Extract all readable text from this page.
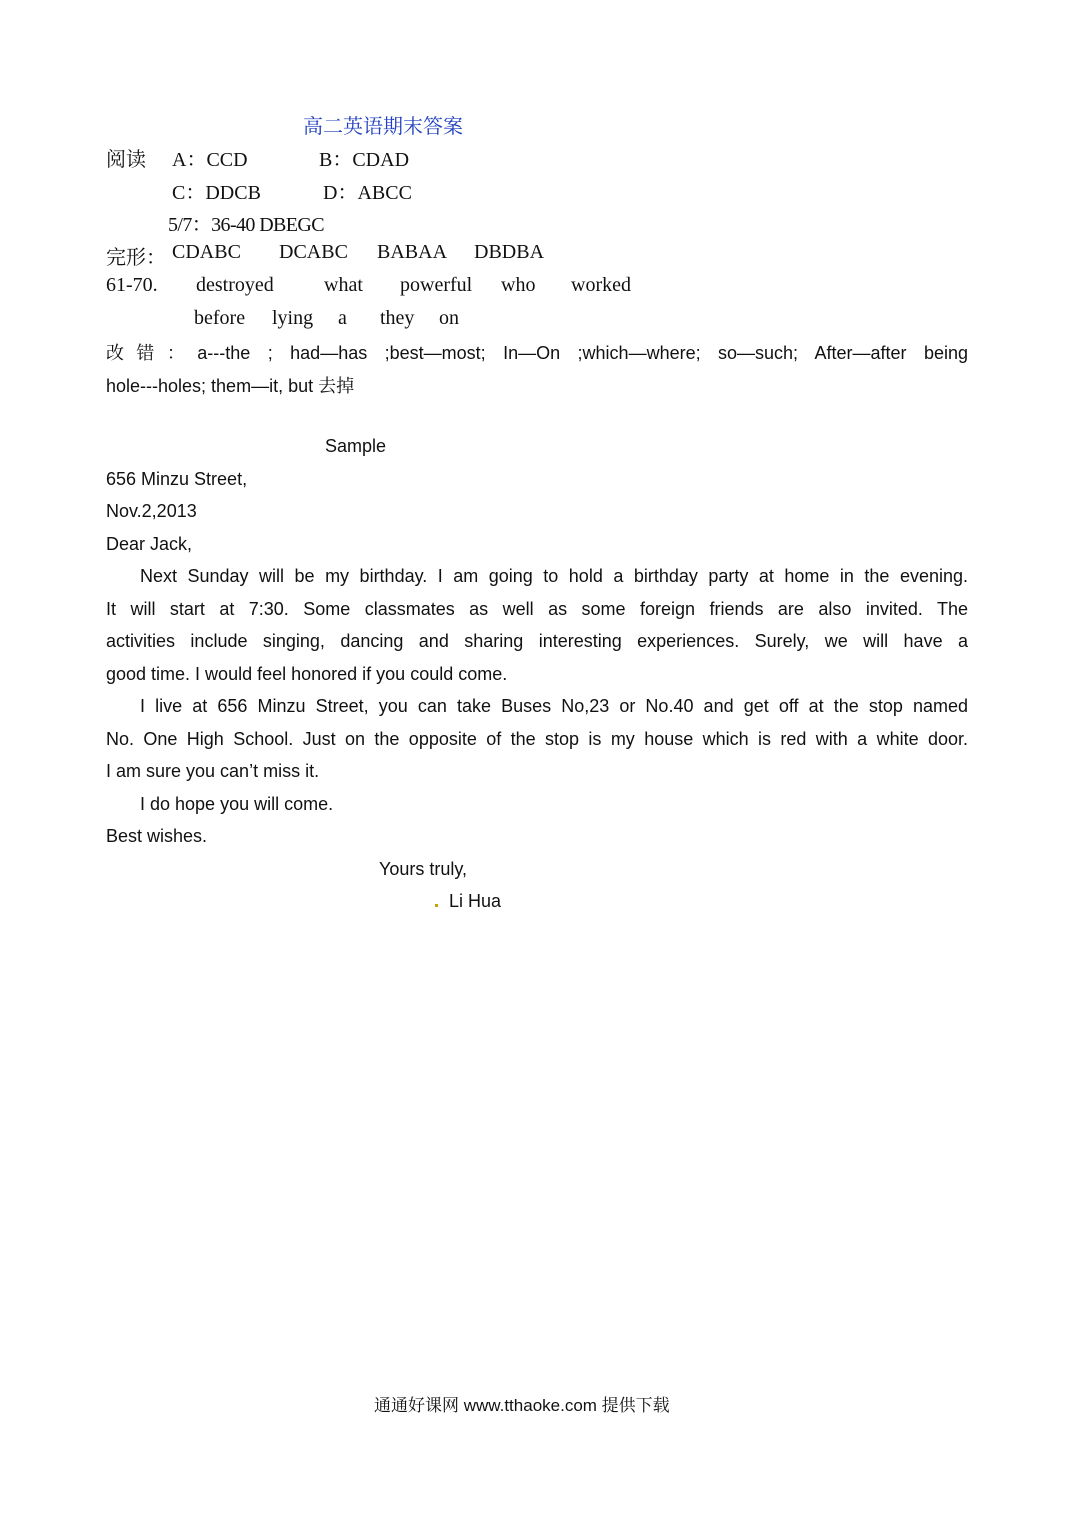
高二英语期末答案
阅读 A：CCD	B：CDAD
C：DDCB	D：ABCC
5/7：36-40 DBEGC
完形： CDABC DCABC BABAA DBDBA
61-70. destroyed	what powerful who worked
before lying a they on
改错：a---the ; had—has ;best—most; In—On ;which—where; so—such; After—after being
hole---holes; them—it, but 去掉
Sample
656 Minzu Street,
Nov.2,2013
Dear Jack,
Next Sunday will be my birthday. I am going to hold a birthday party at home in the evening.
It will start at 7:30. Some classmates as well as some foreign friends are also invited. The
activities include singing, dancing and sharing interesting experiences. Surely, we will have a
good time. I would feel honored if you could come.
I live at 656 Minzu Street, you can take Buses No,23 or No.40 and get off at the stop named
No. One High School. Just on the opposite of the stop is my house which is red with a white door.
I am sure you can’t miss it.
I do hope you will come.
Best wishes.
Yours truly,
Li Hua
通通好课网 www.tthaoke.com 提供下载
